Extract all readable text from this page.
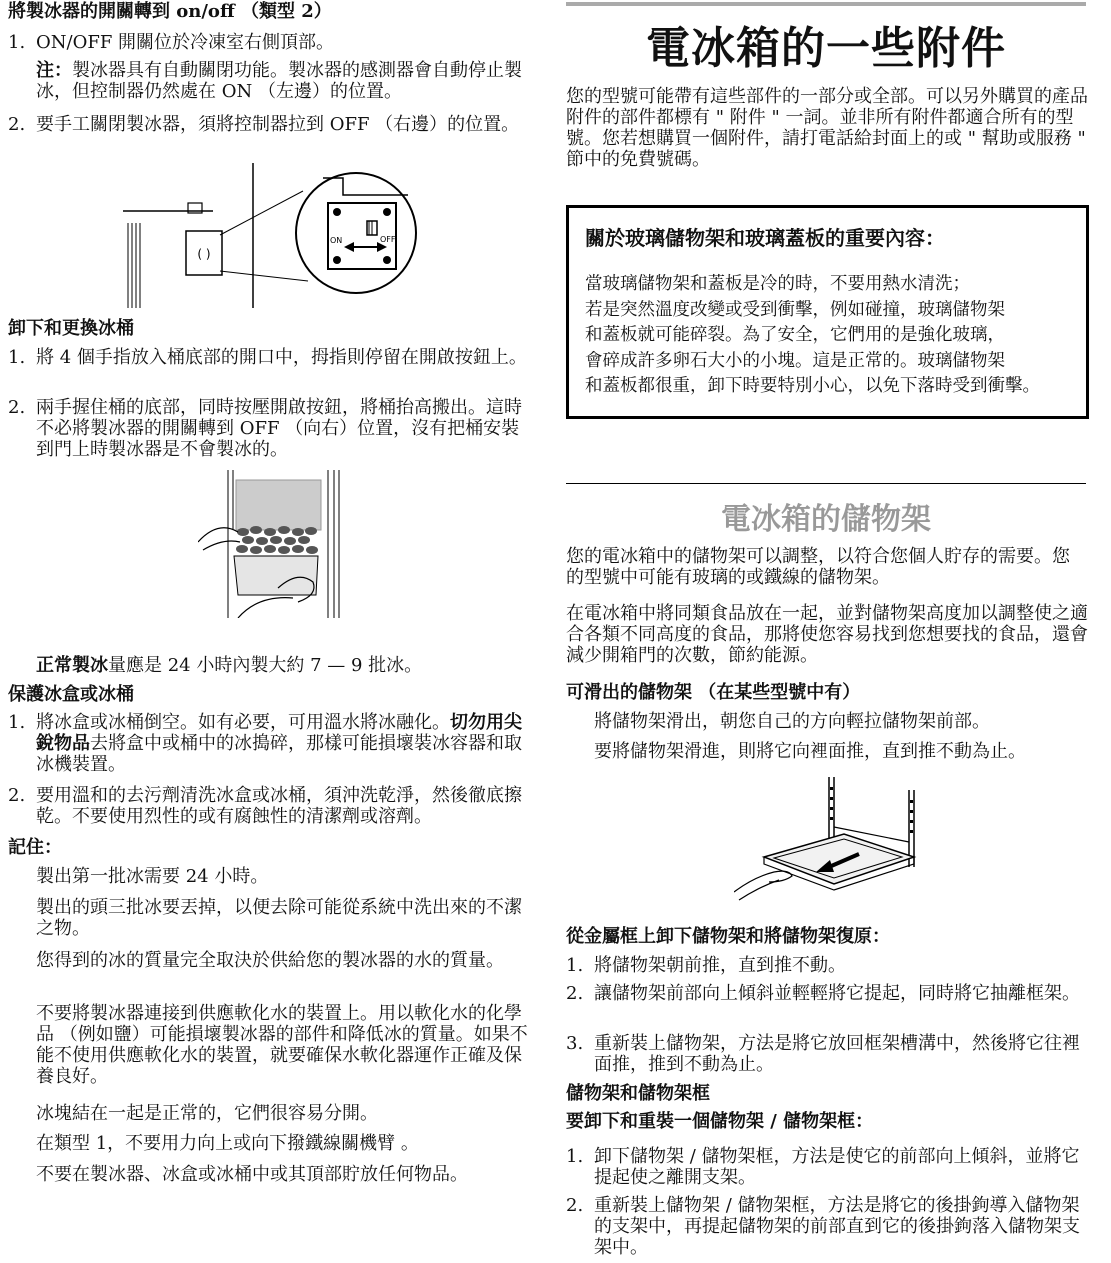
將製冰器的開關轉到 on/off （類型 2）

1. ON/OFF 開關位於冷凍室右側頂部。

注：製冰器具有自動關閉功能。製冰器的感測器會自動停止製冰，但控制器仍然處在 ON （左邊）的位置。

2. 要手工關閉製冰器，須將控制器拉到 OFF （右邊）的位置。

( )
ON	OFF

卸下和更換冰桶

1. 將 4 個手指放入桶底部的開口中，拇指則停留在開啟按鈕上。

2. 兩手握住桶的底部，同時按壓開啟按鈕，將桶抬高搬出。這時不必將製冰器的開關轉到 OFF （向右）位置，沒有把桶安裝到門上時製冰器是不會製冰的。

正常製冰量應是 24 小時內製大約 7 — 9 批冰。

保護冰盒或冰桶

1. 將冰盒或冰桶倒空。如有必要，可用溫水將冰融化。切勿用尖銳物品去將盒中或桶中的冰搗碎，那樣可能損壞裝冰容器和取冰機裝置。

2. 要用溫和的去污劑清洗冰盒或冰桶，須沖洗乾淨，然後徹底擦乾。不要使用烈性的或有腐蝕性的清潔劑或溶劑。

記住：

製出第一批冰需要 24 小時。

製出的頭三批冰要丟掉，以便去除可能從系統中洗出來的不潔之物。

您得到的冰的質量完全取決於供給您的製冰器的水的質量。

不要將製冰器連接到供應軟化水的裝置上。用以軟化水的化學品 （例如鹽）可能損壞製冰器的部件和降低冰的質量。如果不能不使用供應軟化水的裝置，就要確保水軟化器運作正確及保養良好。

冰塊結在一起是正常的，它們很容易分開。

在類型 1，不要用力向上或向下撥鐵線關機臂 。

不要在製冰器、冰盒或冰桶中或其頂部貯放任何物品。

電冰箱的一些附件

您的型號可能帶有這些部件的一部分或全部。可以另外購買的產品附件的部件都標有 " 附件 " 一詞。並非所有附件都適合所有的型號。您若想購買一個附件，請打電話給封面上的或 " 幫助或服務 " 節中的免費號碼。

關於玻璃儲物架和玻璃蓋板的重要內容：

當玻璃儲物架和蓋板是冷的時，不要用熱水清洗；

若是突然溫度改變或受到衝擊，例如碰撞，玻璃儲物架

和蓋板就可能碎裂。為了安全，它們用的是強化玻璃，

會碎成許多卵石大小的小塊。這是正常的。玻璃儲物架

和蓋板都很重，卸下時要特別小心，以免下落時受到衝擊。

電冰箱的儲物架

您的電冰箱中的儲物架可以調整，以符合您個人貯存的需要。您的型號中可能有玻璃的或鐵線的儲物架。

在電冰箱中將同類食品放在一起，並對儲物架高度加以調整使之適合各類不同高度的食品，那將使您容易找到您想要找的食品，還會減少開箱門的次數，節約能源。

可滑出的儲物架 （在某些型號中有）

將儲物架滑出，朝您自己的方向輕拉儲物架前部。

要將儲物架滑進，則將它向裡面推，直到推不動為止。

從金屬框上卸下儲物架和將儲物架復原：

1. 將儲物架朝前推，直到推不動。

2. 讓儲物架前部向上傾斜並輕輕將它提起，同時將它抽離框架。

3. 重新裝上儲物架，方法是將它放回框架槽溝中，然後將它往裡面推，推到不動為止。

儲物架和儲物架框

要卸下和重裝一個儲物架 / 儲物架框：

1. 卸下儲物架 / 儲物架框，方法是使它的前部向上傾斜，並將它提起使之離開支架。

2. 重新裝上儲物架 / 儲物架框，方法是將它的後掛鉤導入儲物架的支架中，再提起儲物架的前部直到它的後掛鉤落入儲物架支架中。
